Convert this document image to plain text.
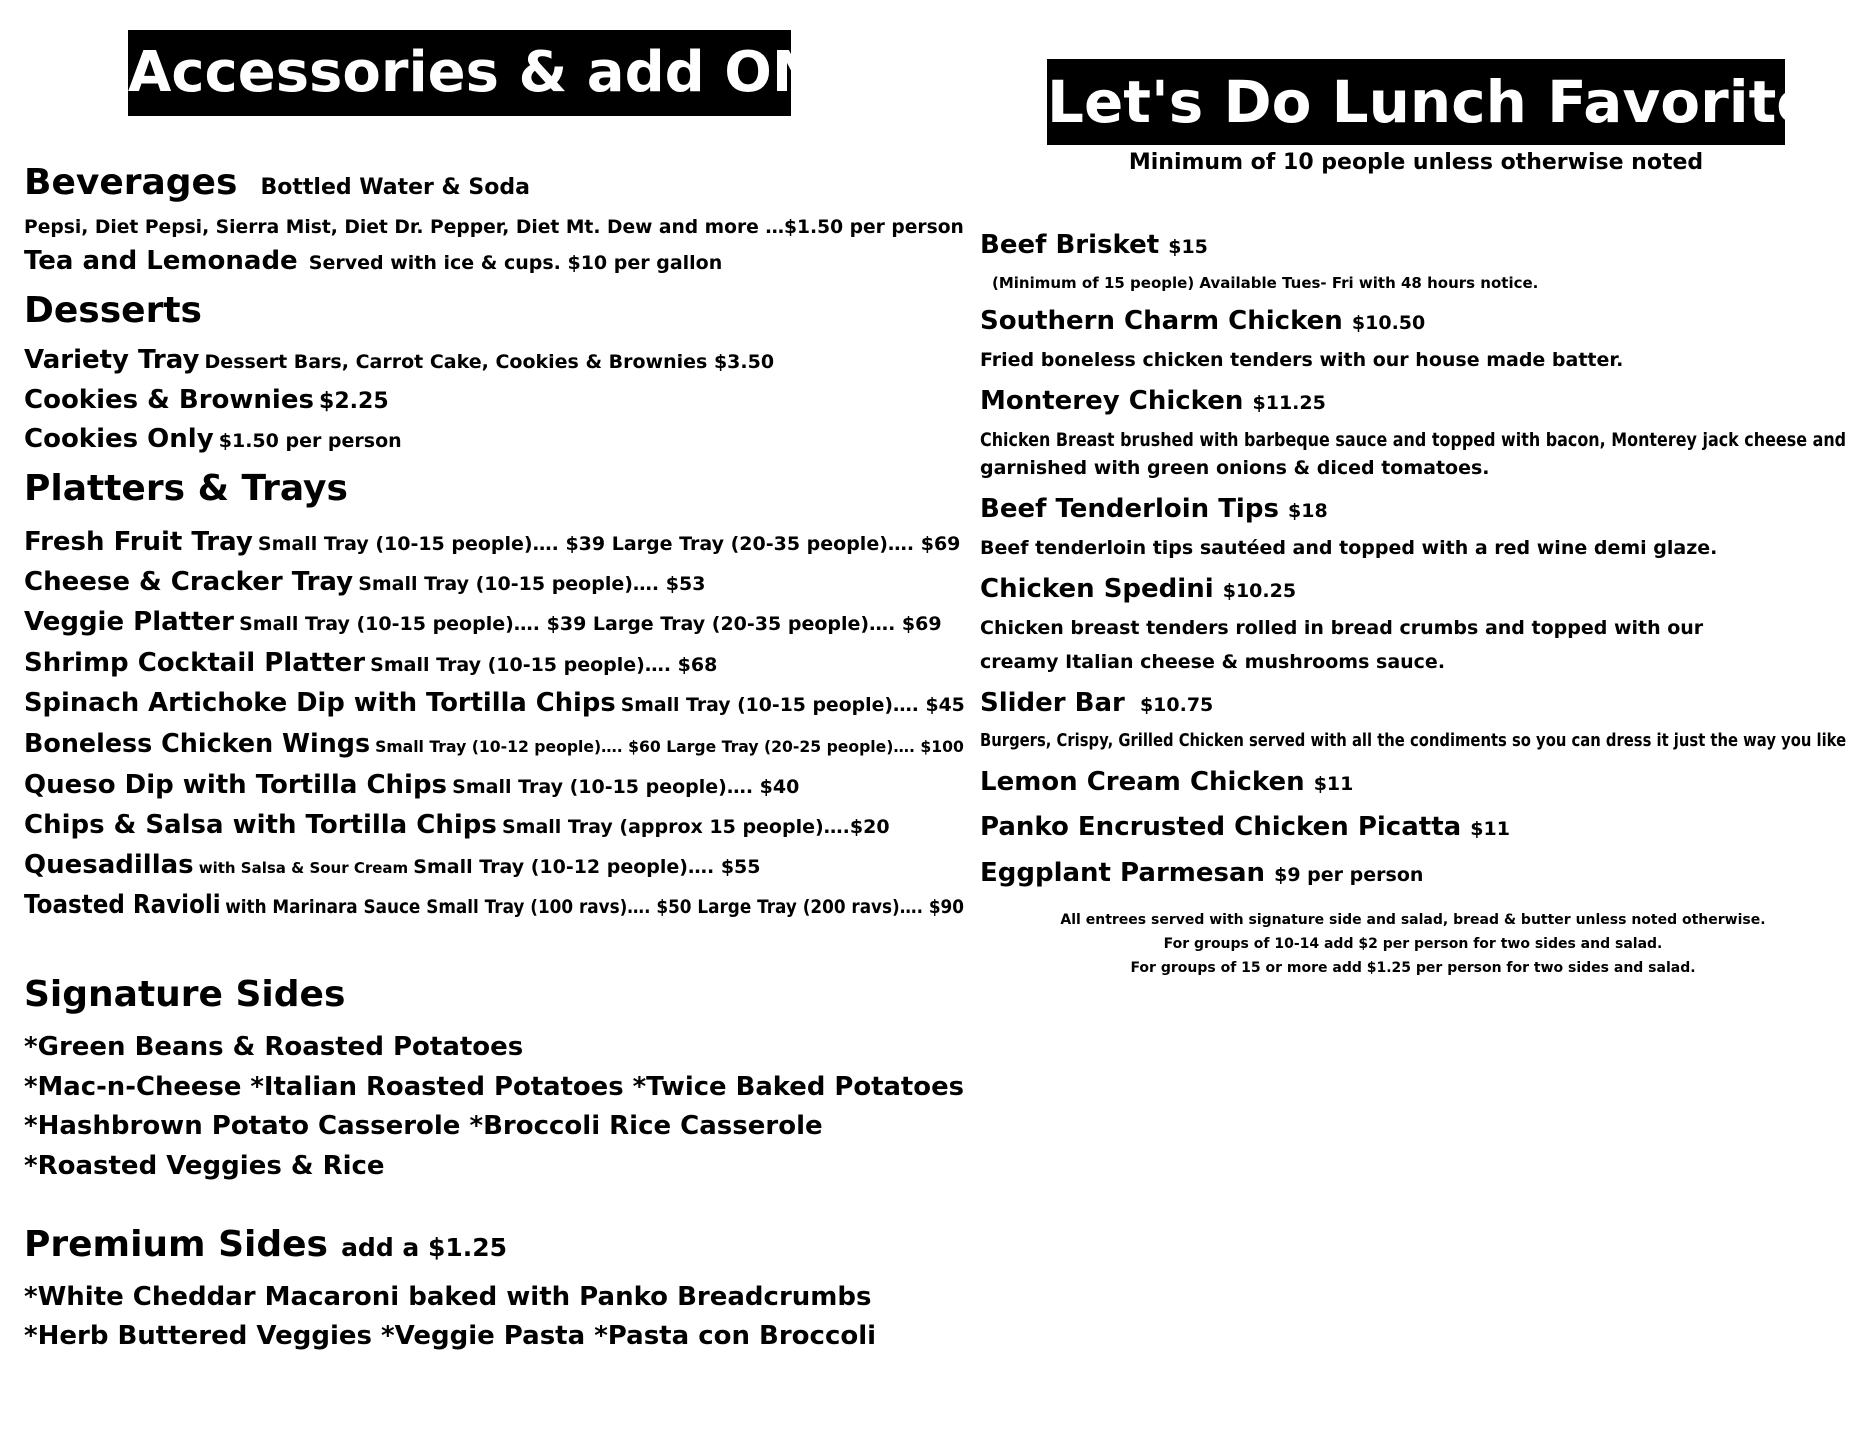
Accessories & add ONS
Beverages Bottled Water & Soda
Pepsi, Diet Pepsi, Sierra Mist, Diet Dr. Pepper, Diet Mt. Dew and more …$1.50 per person
Tea and Lemonade Served with ice & cups. $10 per gallon
Desserts
Variety Tray Dessert Bars, Carrot Cake, Cookies & Brownies $3.50
Cookies & Brownies $2.25
Cookies Only $1.50 per person
Platters & Trays
Fresh Fruit Tray Small Tray (10-15 people)…. $39 Large Tray (20-35 people)…. $69
Cheese & Cracker Tray Small Tray (10-15 people)…. $53
Veggie Platter Small Tray (10-15 people)…. $39 Large Tray (20-35 people)…. $69
Shrimp Cocktail Platter Small Tray (10-15 people)…. $68
Spinach Artichoke Dip with Tortilla Chips Small Tray (10-15 people)…. $45
Boneless Chicken Wings Small Tray (10-12 people)…. $60 Large Tray (20-25 people)…. $100
Queso Dip with Tortilla Chips Small Tray (10-15 people)…. $40
Chips & Salsa with Tortilla Chips Small Tray (approx 15 people)….$20
Quesadillas with Salsa & Sour Cream Small Tray (10-12 people)…. $55
Toasted Ravioli with Marinara Sauce Small Tray (100 ravs)…. $50 Large Tray (200 ravs)…. $90
Signature Sides
*Green Beans & Roasted Potatoes
*Mac-n-Cheese *Italian Roasted Potatoes *Twice Baked Potatoes
*Hashbrown Potato Casserole *Broccoli Rice Casserole
*Roasted Veggies & Rice
Premium Sides add a $1.25
*White Cheddar Macaroni baked with Panko Breadcrumbs
*Herb Buttered Veggies *Veggie Pasta *Pasta con Broccoli
Let's Do Lunch Favorites
Minimum of 10 people unless otherwise noted
Beef Brisket $15
(Minimum of 15 people) Available Tues- Fri with 48 hours notice.
Southern Charm Chicken $10.50
Fried boneless chicken tenders with our house made batter.
Monterey Chicken $11.25
Chicken Breast brushed with barbeque sauce and topped with bacon, Monterey jack cheese and
garnished with green onions & diced tomatoes.
Beef Tenderloin Tips $18
Beef tenderloin tips sautéed and topped with a red wine demi glaze.
Chicken Spedini $10.25
Chicken breast tenders rolled in bread crumbs and topped with our
creamy Italian cheese & mushrooms sauce.
Slider Bar $10.75
Burgers, Crispy, Grilled Chicken served with all the condiments so you can dress it just the way you like
Lemon Cream Chicken $11
Panko Encrusted Chicken Picatta $11
Eggplant Parmesan $9 per person
All entrees served with signature side and salad, bread & butter unless noted otherwise.
For groups of 10-14 add $2 per person for two sides and salad.
For groups of 15 or more add $1.25 per person for two sides and salad.
